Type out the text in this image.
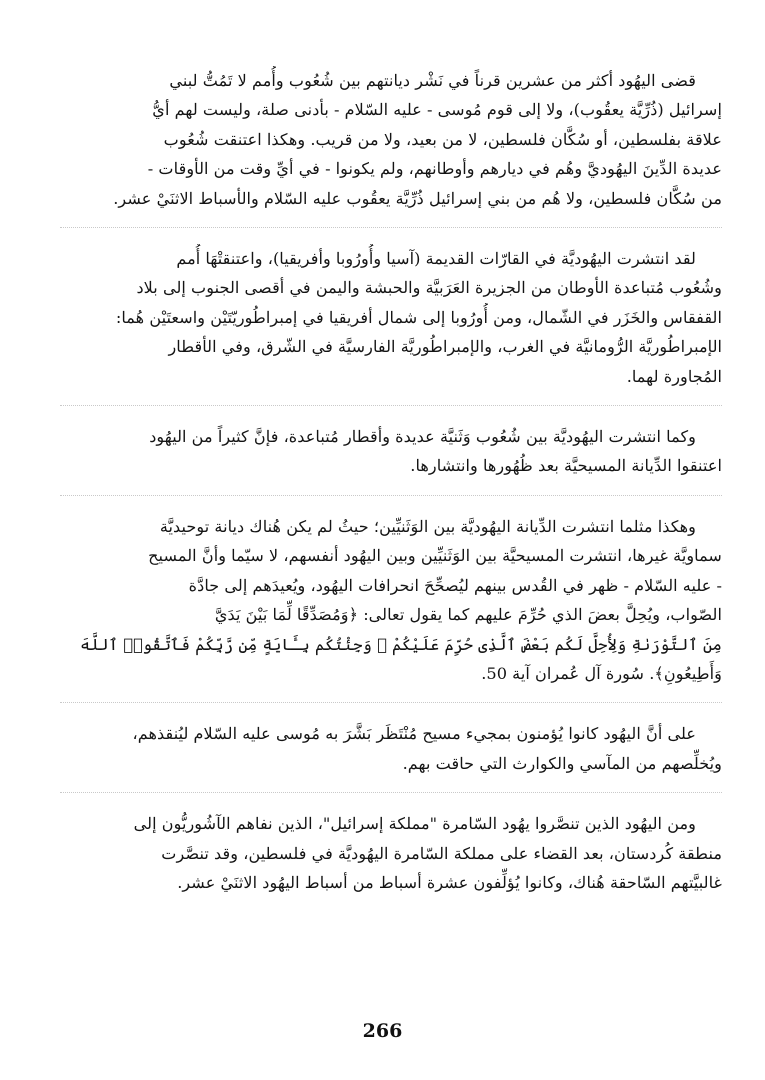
قضى اليهُود أكثر من عشرين قرناً في نَشْر ديانتهم بين شُعُوب وأُمم لا تَمُتُّ لبني
إسرائيل (ذُرِّيَّة يعقُوب)، ولا إلى قوم مُوسى - عليه السّلام - بأدنى صلة، وليست لهم أيُّ
علاقة بفلسطين، أو سُكَّان فلسطين، لا من بعيد، ولا من قريب. وهكذا اعتنقت شُعُوب
عديدة الدِّينَ اليهُوديَّ وهُم في ديارهم وأوطانهم، ولم يكونوا - في أيِّ وقت من الأوقات -
من سُكَّان فلسطين، ولا هُم من بني إسرائيل ذُرِّيَّة يعقُوب عليه السّلام والأسباط الاثنَيْ عشر.
لقد انتشرت اليهُوديَّة في القارّات القديمة (آسيا وأُورُوبا وأفريقيا)، واعتنقتْهَا أُمم
وشُعُوب مُتباعدة الأوطان من الجزيرة العَرَبيَّة والحبشة واليمن في أقصى الجنوب إلى بلاد
القفقاس والخَزَر في الشّمال، ومن أُورُوبا إلى شمال أفريقيا في إمبراطُوريّتَيْن واسعتَيْن هُما:
الإمبراطُوريَّة الرُّومانيَّة في الغرب، والإمبراطُوريَّة الفارسيَّة في الشّرق، وفي الأقطار
المُجاورة لهما.
وكما انتشرت اليهُوديَّة بين شُعُوب وَثَنيَّة عديدة وأقطار مُتباعدة، فإنَّ كثيراً من اليهُود
اعتنقوا الدِّيانة المسيحيَّة بعد ظُهُورها وانتشارها.
وهكذا مثلما انتشرت الدِّيانة اليهُوديَّة بين الوَثَنيِّين؛ حيثُ لم يكن هُناك ديانة توحيديَّة
سماويَّة غيرها، انتشرت المسيحيَّة بين الوَثَنيِّين وبين اليهُود أنفسهم، لا سيّما وأنَّ المسيح
- عليه السّلام - ظهر في القُدس بينهم ليُصحِّحَ انحرافات اليهُود، ويُعيدَهم إلى جادَّة
الصّواب، ويُحِلَّ بعضَ الذي حُرِّمَ عليهم كما يقول تعالى: ﴿وَمُصَدِّقًا لِّمَا بَيْنَ يَدَيَّ
مِنَ ٱلتَّوْرَىٰةِ وَلِأُحِلَّ لَكُم بَعْضَ ٱلَّذِى حُرِّمَ عَلَيْكُمْ ۚ وَجِئْتُكُم بِـَٔايَةٍ مِّن رَّبِّكُمْ فَٱتَّقُوا۟ ٱللَّهَ
وَأَطِيعُونِ﴾. سُورة آل عُمران آية 50.
على أنَّ اليهُود كانوا يُؤمنون بمجيء مسيح مُنْتَظَر بَشَّرَ به مُوسى عليه السّلام ليُنقذهم،
ويُخلِّصهم من المآسي والكوارث التي حاقت بهم.
ومن اليهُود الذين تنصَّروا يهُود السّامرة "مملكة إسرائيل"، الذين نفاهم الآشُوريُّون إلى
منطقة كُردستان، بعد القضاء على مملكة السّامرة اليهُوديَّة في فلسطين، وقد تنصَّرت
غالبيَّتهم السّاحقة هُناك، وكانوا يُؤلِّفون عشرة أسباط من أسباط اليهُود الاثنَيْ عشر.
266
